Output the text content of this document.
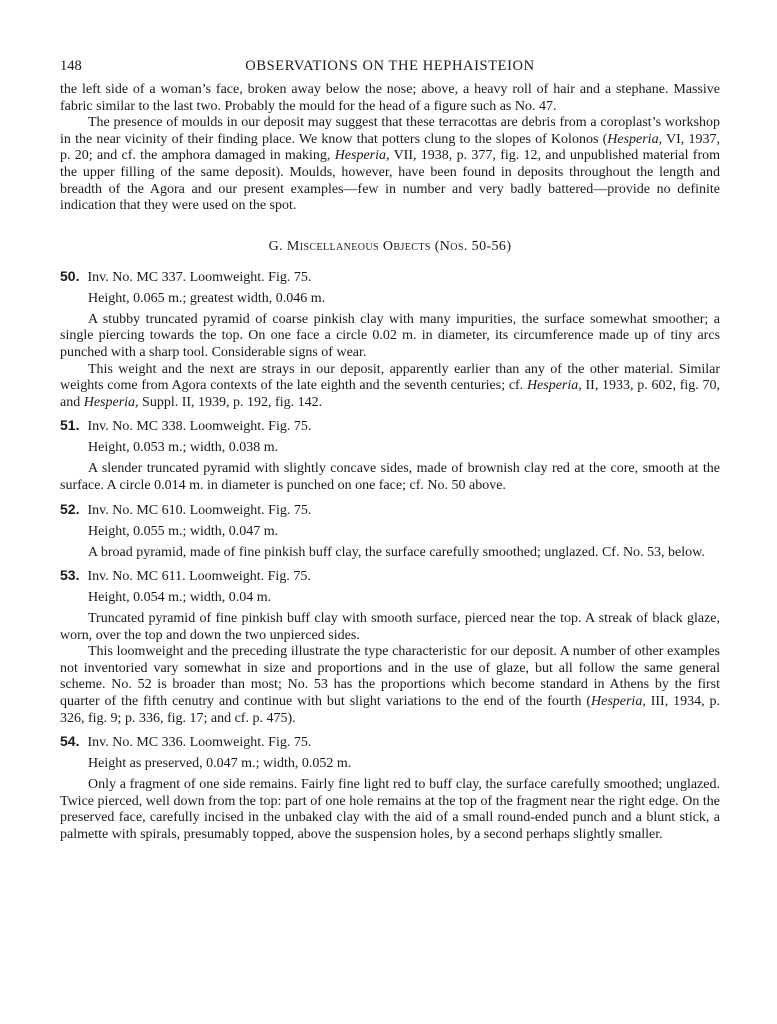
148	OBSERVATIONS ON THE HEPHAISTEION

the left side of a woman’s face, broken away below the nose; above, a heavy roll of hair and a stephane. Massive fabric similar to the last two. Probably the mould for the head of a figure such as No. 47.

The presence of moulds in our deposit may suggest that these terracottas are debris from a coroplast’s workshop in the near vicinity of their finding place. We know that potters clung to the slopes of Kolonos (Hesperia, VI, 1937, p. 20; and cf. the amphora damaged in making, Hesperia, VII, 1938, p. 377, fig. 12, and unpublished material from the upper filling of the same deposit). Moulds, however, have been found in deposits throughout the length and breadth of the Agora and our present examples—few in number and very badly battered—provide no definite indication that they were used on the spot.

G. Miscellaneous Objects (Nos. 50-56)
50. Inv. No. MC 337. Loomweight. Fig. 75.
Height, 0.065 m.; greatest width, 0.046 m.

A stubby truncated pyramid of coarse pinkish clay with many impurities, the surface somewhat smoother; a single piercing towards the top. On one face a circle 0.02 m. in diameter, its circumference made up of tiny arcs punched with a sharp tool. Considerable signs of wear.

This weight and the next are strays in our deposit, apparently earlier than any of the other material. Similar weights come from Agora contexts of the late eighth and the seventh centuries; cf. Hesperia, II, 1933, p. 602, fig. 70, and Hesperia, Suppl. II, 1939, p. 192, fig. 142.

51. Inv. No. MC 338. Loomweight. Fig. 75.
Height, 0.053 m.; width, 0.038 m.

A slender truncated pyramid with slightly concave sides, made of brownish clay red at the core, smooth at the surface. A circle 0.014 m. in diameter is punched on one face; cf. No. 50 above.

52. Inv. No. MC 610. Loomweight. Fig. 75.
Height, 0.055 m.; width, 0.047 m.

A broad pyramid, made of fine pinkish buff clay, the surface carefully smoothed; unglazed. Cf. No. 53, below.

53. Inv. No. MC 611. Loomweight. Fig. 75.
Height, 0.054 m.; width, 0.04 m.

Truncated pyramid of fine pinkish buff clay with smooth surface, pierced near the top. A streak of black glaze, worn, over the top and down the two unpierced sides.

This loomweight and the preceding illustrate the type characteristic for our deposit. A number of other examples not inventoried vary somewhat in size and proportions and in the use of glaze, but all follow the same general scheme. No. 52 is broader than most; No. 53 has the proportions which become standard in Athens by the first quarter of the fifth cenutry and continue with but slight variations to the end of the fourth (Hesperia, III, 1934, p. 326, fig. 9; p. 336, fig. 17; and cf. p. 475).

54. Inv. No. MC 336. Loomweight. Fig. 75.
Height as preserved, 0.047 m.; width, 0.052 m.

Only a fragment of one side remains. Fairly fine light red to buff clay, the surface carefully smoothed; unglazed. Twice pierced, well down from the top: part of one hole remains at the top of the fragment near the right edge. On the preserved face, carefully incised in the unbaked clay with the aid of a small round-ended punch and a blunt stick, a palmette with spirals, presumably topped, above the suspension holes, by a second perhaps slightly smaller.
